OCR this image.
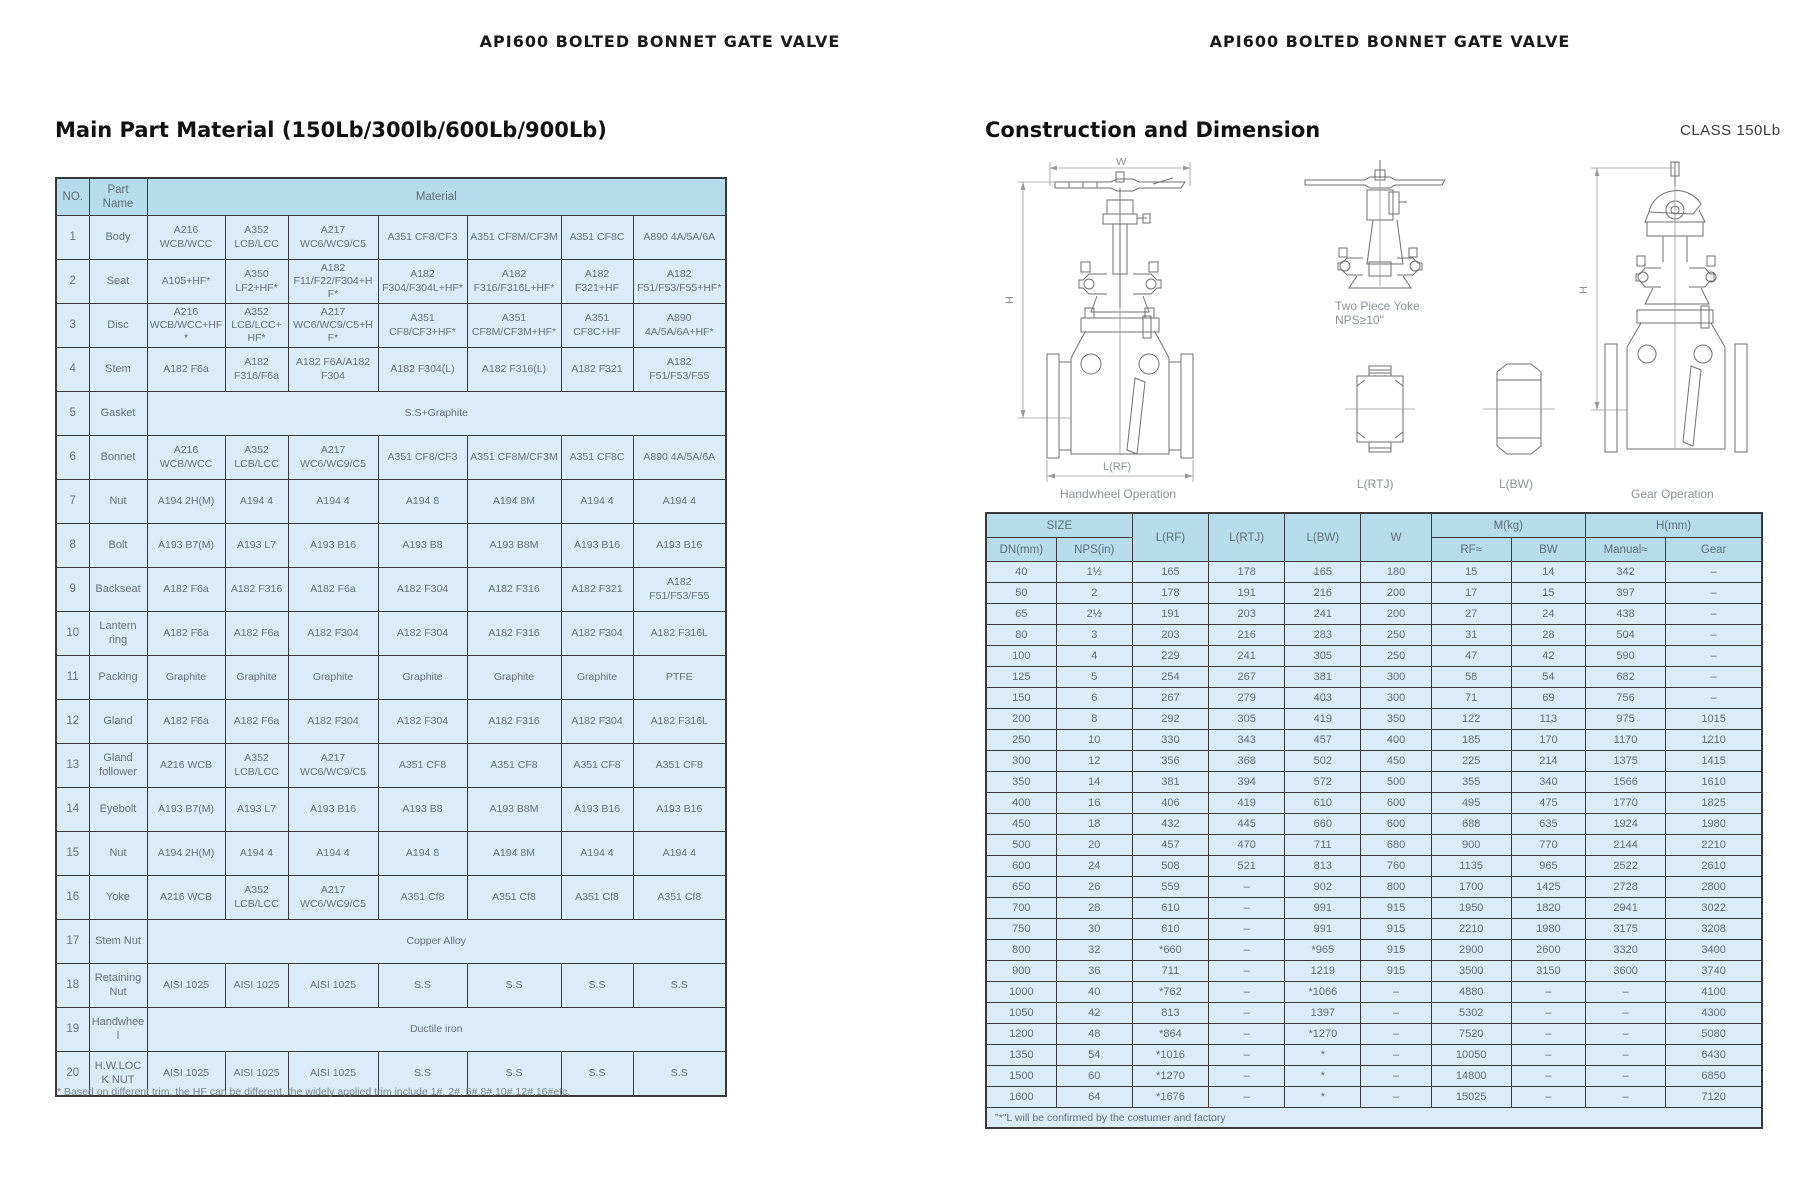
API600 BOLTED BONNET GATE VALVE	API600 BOLTED BONNET GATE VALVE
Main Part Material (150Lb/300lb/600Lb/900Lb)
NO.	Part Name	Material						
1	Body	A216 WCB/WCC	A352 LCB/LCC	A217 WC6/WC9/C5	A351 CF8/CF3	A351 CF8M/CF3M	A351 CF8C	A890 4A/5A/6A
2	Seat	A105+HF*	A350 LF2+HF*	A182 F11/F22/F304+HF*	A182 F304/F304L+HF*	A182 F316/F316L+HF*	A182 F321+HF	A182 F51/F53/F55+HF*
3	Disc	A216 WCB/WCC+HF*	A352 LCB/LCC+HF*	A217 WC6/WC9/C5+HF*	A351 CF8/CF3+HF*	A351 CF8M/CF3M+HF*	A351 CF8C+HF	A890 4A/5A/6A+HF*
4	Stem	A182 F6a	A182 F316/F6a	A182 F6A/A182 F304	A182 F304(L)	A182 F316(L)	A182 F321	A182 F51/F53/F55
5	Gasket	S.S+Graphite						
6	Bonnet	A216 WCB/WCC	A352 LCB/LCC	A217 WC6/WC9/C5	A351 CF8/CF3	A351 CF8M/CF3M	A351 CF8C	A890 4A/5A/6A
7	Nut	A194 2H(M)	A194 4	A194 4	A194 8	A194 8M	A194 4	A194 4
8	Bolt	A193 B7(M)	A193 L7	A193 B16	A193 B8	A193 B8M	A193 B16	A193 B16
9	Backseat	A182 F6a	A182 F316	A182 F6a	A182 F304	A182 F316	A182 F321	A182 F51/F53/F55
10	Lantern ring	A182 F6a	A182 F6a	A182 F304	A182 F304	A182 F316	A182 F304	A182 F316L
11	Packing	Graphite	Graphite	Graphite	Graphite	Graphite	Graphite	PTFE
12	Gland	A182 F6a	A182 F6a	A182 F304	A182 F304	A182 F316	A182 F304	A182 F316L
13	Gland follower	A216 WCB	A352 LCB/LCC	A217 WC6/WC9/C5	A351 CF8	A351 CF8	A351 CF8	A351 CF8
14	Eyebolt	A193 B7(M)	A193 L7	A193 B16	A193 B8	A193 B8M	A193 B16	A193 B16
15	Nut	A194 2H(M)	A194 4	A194 4	A194 8	A194 8M	A194 4	A194 4
16	Yoke	A216 WCB	A352 LCB/LCC	A217 WC6/WC9/C5	A351 Cf8	A351 Cf8	A351 Cf8	A351 Cf8
17	Stem Nut	Copper Alloy						
18	Retaining Nut	AISI 1025	AISI 1025	AISI 1025	S.S	S.S	S.S	S.S
19	Handwheel	Ductile iron						
20	H.W.LOCK NUT	AISI 1025	AISI 1025	AISI 1025	S.S	S.S	S.S	S.S
* Based on different trim, the HF can be different, the widely applied trim include 1#, 2#, 5#,8#,10#,12#,16#etc,
Construction and Dimension	CLASS 150Lb
W
H
L(RF)
Handwheel Operation
Two Piece Yoke
NPS≥10"
L(RTJ)	L(BW)
H
Gear Operation
SIZE		L(RF)	L(RTJ)	L(BW)	W	M(kg)		H(mm)	
DN(mm)	NPS(in)					RF≈	BW	Manual≈	Gear
40	1½	165	178	165	180	15	14	342	–
50	2	178	191	216	200	17	15	397	–
65	2½	191	203	241	200	27	24	438	–
80	3	203	216	283	250	31	28	504	–
100	4	229	241	305	250	47	42	590	–
125	5	254	267	381	300	58	54	682	–
150	6	267	279	403	300	71	69	756	–
200	8	292	305	419	350	122	113	975	1015
250	10	330	343	457	400	185	170	1170	1210
300	12	356	368	502	450	225	214	1375	1415
350	14	381	394	572	500	355	340	1566	1610
400	16	406	419	610	600	495	475	1770	1825
450	18	432	445	660	600	688	635	1924	1980
500	20	457	470	711	680	900	770	2144	2210
600	24	508	521	813	760	1135	965	2522	2610
650	26	559	–	902	800	1700	1425	2728	2800
700	28	610	–	991	915	1950	1820	2941	3022
750	30	610	–	991	915	2210	1980	3175	3208
800	32	*660	–	*965	915	2900	2600	3320	3400
900	36	711	–	1219	915	3500	3150	3600	3740
1000	40	*762	–	*1066	–	4880	–	–	4100
1050	42	813	–	1397	–	5302	–	–	4300
1200	48	*864	–	*1270	–	7520	–	–	5080
1350	54	*1016	–	*	–	10050	–	–	6430
1500	60	*1270	–	*	–	14800	–	–	6850
1600	64	*1676	–	*	–	15025	–	–	7120
"*"L will be confirmed by the costumer and factory									
